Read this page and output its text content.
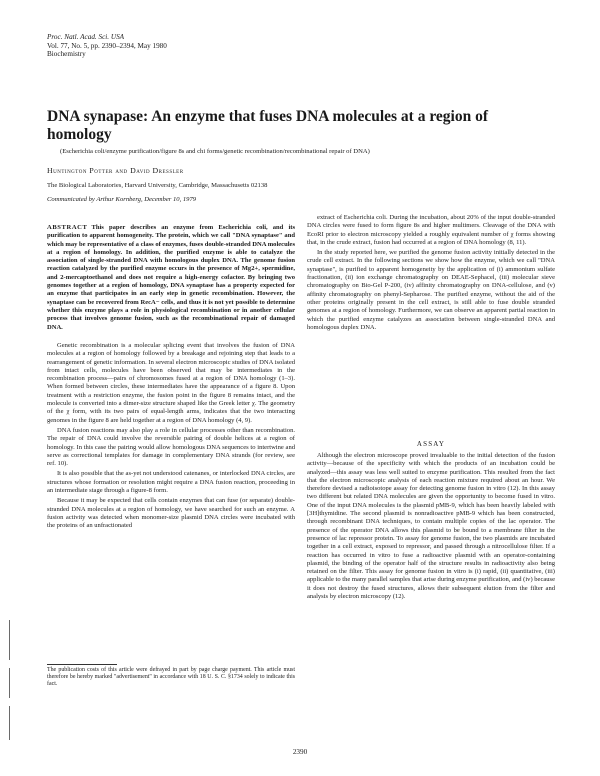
Proc. Natl. Acad. Sci. USA
Vol. 77, No. 5, pp. 2390–2394, May 1980
Biochemistry
DNA synapase: An enzyme that fuses DNA molecules at a region of homology
(Escherichia coli/enzyme purification/figure 8s and chi forms/genetic recombination/recombinational repair of DNA)
Huntington Potter and David Dressler
The Biological Laboratories, Harvard University, Cambridge, Massachusetts 02138
Communicated by Arthur Kornberg, December 10, 1979
ABSTRACT This paper describes an enzyme from Escherichia coli, and its purification to apparent homogeneity. The protein, which we call "DNA synaptase" and which may be representative of a class of enzymes, fuses double-stranded DNA molecules at a region of homology. In addition, the purified enzyme is able to catalyze the association of single-stranded DNA with homologous duplex DNA. The genome fusion reaction catalyzed by the purified enzyme occurs in the presence of Mg2+, spermidine, and 2-mercaptoethanol and does not require a high-energy cofactor. By bringing two genomes together at a region of homology, DNA synaptase has a property expected for an enzyme that participates in an early step in genetic recombination. However, the synaptase can be recovered from RecA− cells, and thus it is not yet possible to determine whether this enzyme plays a role in physiological recombination or in another cellular process that involves genome fusion, such as the recombinational repair of damaged DNA.

Genetic recombination is a molecular splicing event that involves the fusion of DNA molecules at a region of homology followed by a breakage and rejoining step that leads to a rearrangement of genetic information. In several electron microscopic studies of DNA isolated from intact cells, molecules have been observed that may be intermediates in the recombination process—pairs of chromosomes fused at a region of DNA homology (1–3). When formed between circles, these intermediates have the appearance of a figure 8. Upon treatment with a restriction enzyme, the fusion point in the figure 8 remains intact, and the molecule is converted into a dimer-size structure shaped like the Greek letter χ. The geometry of the χ form, with its two pairs of equal-length arms, indicates that the two interacting genomes in the figure 8 are held together at a region of DNA homology (4, 9).

DNA fusion reactions may also play a role in cellular processes other than recombination. The repair of DNA could involve the reversible pairing of double helices at a region of homology. In this case the pairing would allow homologous DNA sequences to intertwine and serve as correctional templates for damage in complementary DNA strands (for review, see ref. 10).

It is also possible that the as-yet not understood catenanes, or interlocked DNA circles, are structures whose formation or resolution might require a DNA fusion reaction, proceeding in an intermediate stage through a figure-8 form.

Because it may be expected that cells contain enzymes that can fuse (or separate) double-stranded DNA molecules at a region of homology, we have searched for such an enzyme. A fusion activity was detected when monomer-size plasmid DNA circles were incubated with the proteins of an unfractionated

The publication costs of this article were defrayed in part by page charge payment. This article must therefore be hereby marked "advertisement" in accordance with 18 U. S. C. §1734 solely to indicate this fact.

extract of Escherichia coli. During the incubation, about 20% of the input double-stranded DNA circles were fused to form figure 8s and higher multimers. Cleavage of the DNA with EcoRI prior to electron microscopy yielded a roughly equivalent number of χ forms showing that, in the crude extract, fusion had occurred at a region of DNA homology (8, 11).

In the study reported here, we purified the genome fusion activity initially detected in the crude cell extract. In the following sections we show how the enzyme, which we call "DNA synaptase", is purified to apparent homogeneity by the application of (i) ammonium sulfate fractionation, (ii) ion exchange chromatography on DEAE-Sephacel, (iii) molecular sieve chromatography on Bio-Gel P-200, (iv) affinity chromatography on DNA-cellulose, and (v) affinity chromatography on phenyl-Sepharose. The purified enzyme, without the aid of the other proteins originally present in the cell extract, is still able to fuse double stranded genomes at a region of homology. Furthermore, we can observe an apparent partial reaction in which the purified enzyme catalyzes an association between single-stranded DNA and homologous duplex DNA.

ASSAY

Although the electron microscope proved invaluable to the initial detection of the fusion activity—because of the specificity with which the products of an incubation could be analyzed—this assay was less well suited to enzyme purification. This resulted from the fact that the electron microscopic analysis of each reaction mixture required about an hour. We therefore devised a radioisotope assay for detecting genome fusion in vitro (12). In this assay two different but related DNA molecules are given the opportunity to become fused in vitro. One of the input DNA molecules is the plasmid pMB-9, which has been heavily labeled with [3H]thymidine. The second plasmid is nonradioactive pMB-9 which has been constructed, through recombinant DNA techniques, to contain multiple copies of the lac operator. The presence of the operator DNA allows this plasmid to be bound to a membrane filter in the presence of lac repressor protein. To assay for genome fusion, the two plasmids are incubated together in a cell extract, exposed to repressor, and passed through a nitrocellulose filter. If a reaction has occurred in vitro to fuse a radioactive plasmid with an operator-containing plasmid, the binding of the operator half of the structure results in radioactivity also being retained on the filter. This assay for genome fusion in vitro is (i) rapid, (ii) quantitative, (iii) applicable to the many parallel samples that arise during enzyme purification, and (iv) because it does not destroy the fused structures, allows their subsequent elution from the filter and analysis by electron microscopy (12).

2390
